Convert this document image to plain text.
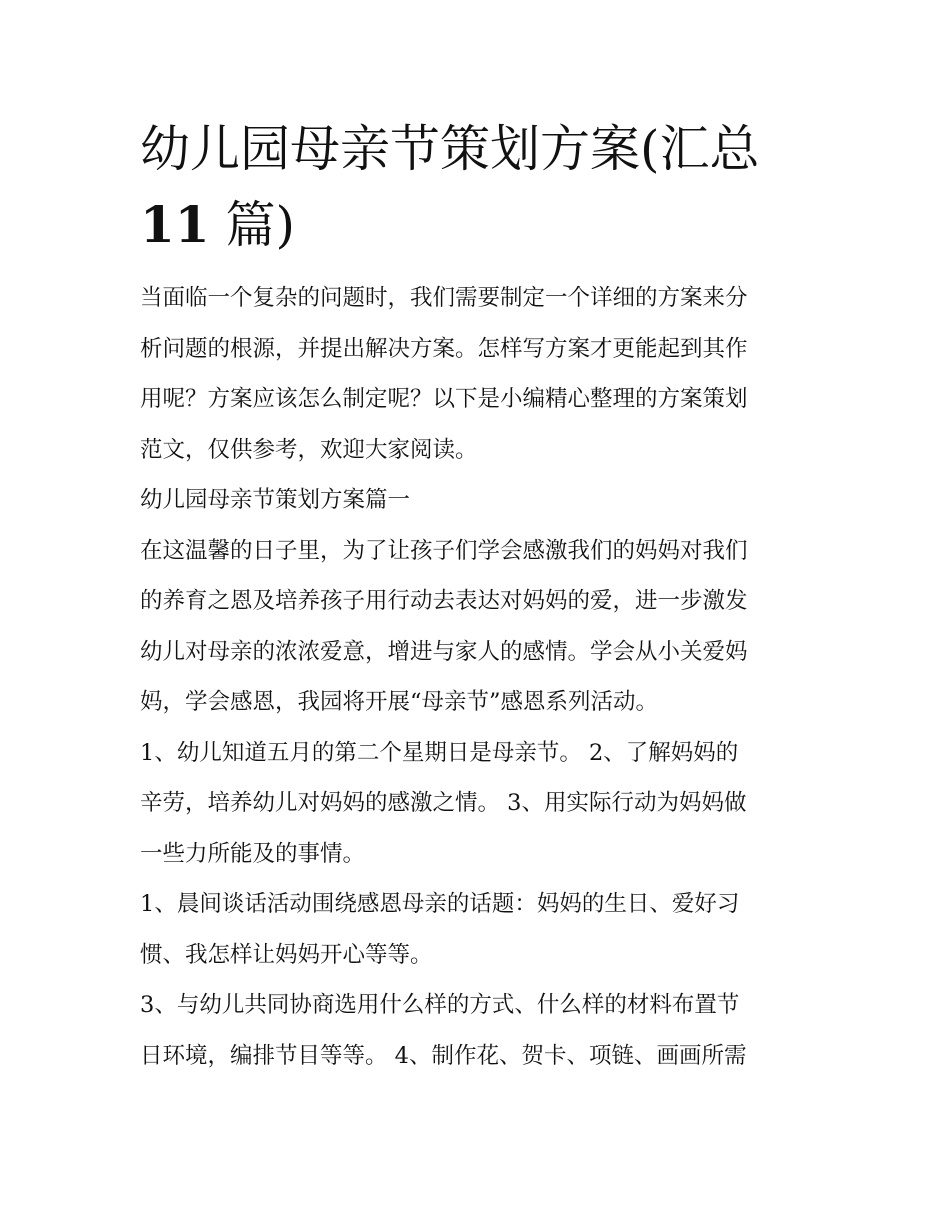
幼儿园母亲节策划方案(汇总
11 篇)

当面临一个复杂的问题时，我们需要制定一个详细的方案来分
析问题的根源，并提出解决方案。怎样写方案才更能起到其作
用呢？方案应该怎么制定呢？以下是小编精心整理的方案策划
范文，仅供参考，欢迎大家阅读。

幼儿园母亲节策划方案篇一

在这温馨的日子里，为了让孩子们学会感激我们的妈妈对我们
的养育之恩及培养孩子用行动去表达对妈妈的爱，进一步激发
幼儿对母亲的浓浓爱意，增进与家人的感情。学会从小关爱妈
妈，学会感恩，我园将开展“母亲节”感恩系列活动。

1、幼儿知道五月的第二个星期日是母亲节。 2、了解妈妈的
辛劳，培养幼儿对妈妈的感激之情。 3、用实际行动为妈妈做
一些力所能及的事情。

1、晨间谈话活动围绕感恩母亲的话题：妈妈的生日、爱好习
惯、我怎样让妈妈开心等等。

3、与幼儿共同协商选用什么样的方式、什么样的材料布置节
日环境，编排节目等等。 4、制作花、贺卡、项链、画画所需
